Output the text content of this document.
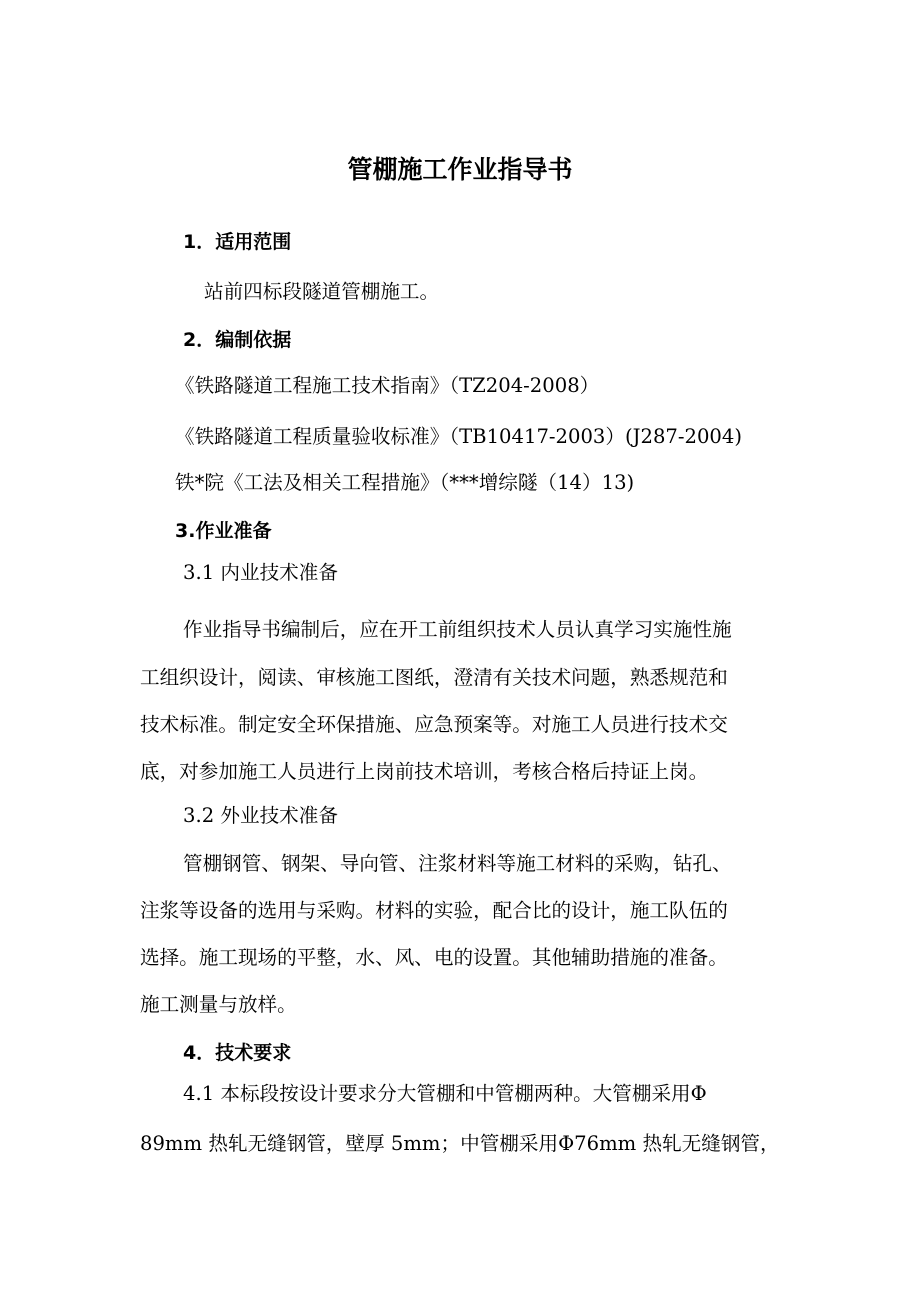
管棚施工作业指导书
1．适用范围
站前四标段隧道管棚施工。
2．编制依据
《铁路隧道工程施工技术指南》（TZ204-2008）
《铁路隧道工程质量验收标准》（TB10417-2003）(J287-2004)
铁*院《工法及相关工程措施》（***增综隧（14）13)
3.作业准备
3.1 内业技术准备
作业指导书编制后，应在开工前组织技术人员认真学习实施性施
工组织设计，阅读、审核施工图纸，澄清有关技术问题，熟悉规范和
技术标准。制定安全环保措施、应急预案等。对施工人员进行技术交
底，对参加施工人员进行上岗前技术培训，考核合格后持证上岗。
3.2 外业技术准备
管棚钢管、钢架、导向管、注浆材料等施工材料的采购，钻孔、
注浆等设备的选用与采购。材料的实验，配合比的设计，施工队伍的
选择。施工现场的平整，水、风、电的设置。其他辅助措施的准备。
施工测量与放样。
4．技术要求
4.1 本标段按设计要求分大管棚和中管棚两种。大管棚采用Φ
89mm 热轧无缝钢管，壁厚 5mm；中管棚采用Φ76mm 热轧无缝钢管，
